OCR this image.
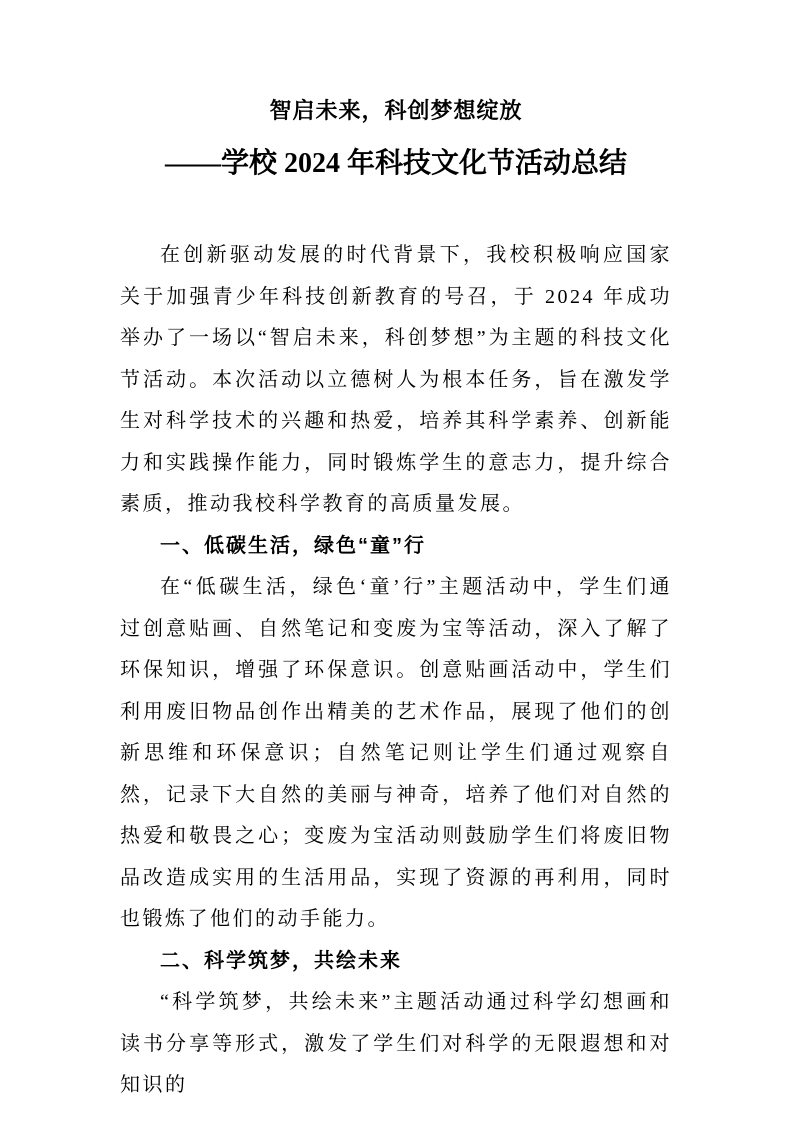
智启未来，科创梦想绽放
——学校 2024 年科技文化节活动总结

在创新驱动发展的时代背景下，我校积极响应国家关于加强青少年科技创新教育的号召，于 2024 年成功举办了一场以“智启未来，科创梦想”为主题的科技文化节活动。本次活动以立德树人为根本任务，旨在激发学生对科学技术的兴趣和热爱，培养其科学素养、创新能力和实践操作能力，同时锻炼学生的意志力，提升综合素质，推动我校科学教育的高质量发展。

一、低碳生活，绿色“童”行

在“低碳生活，绿色‘童’行”主题活动中，学生们通过创意贴画、自然笔记和变废为宝等活动，深入了解了环保知识，增强了环保意识。创意贴画活动中，学生们利用废旧物品创作出精美的艺术作品，展现了他们的创新思维和环保意识；自然笔记则让学生们通过观察自然，记录下大自然的美丽与神奇，培养了他们对自然的热爱和敬畏之心；变废为宝活动则鼓励学生们将废旧物品改造成实用的生活用品，实现了资源的再利用，同时也锻炼了他们的动手能力。

二、科学筑梦，共绘未来

“科学筑梦，共绘未来”主题活动通过科学幻想画和读书分享等形式，激发了学生们对科学的无限遐想和对知识的
